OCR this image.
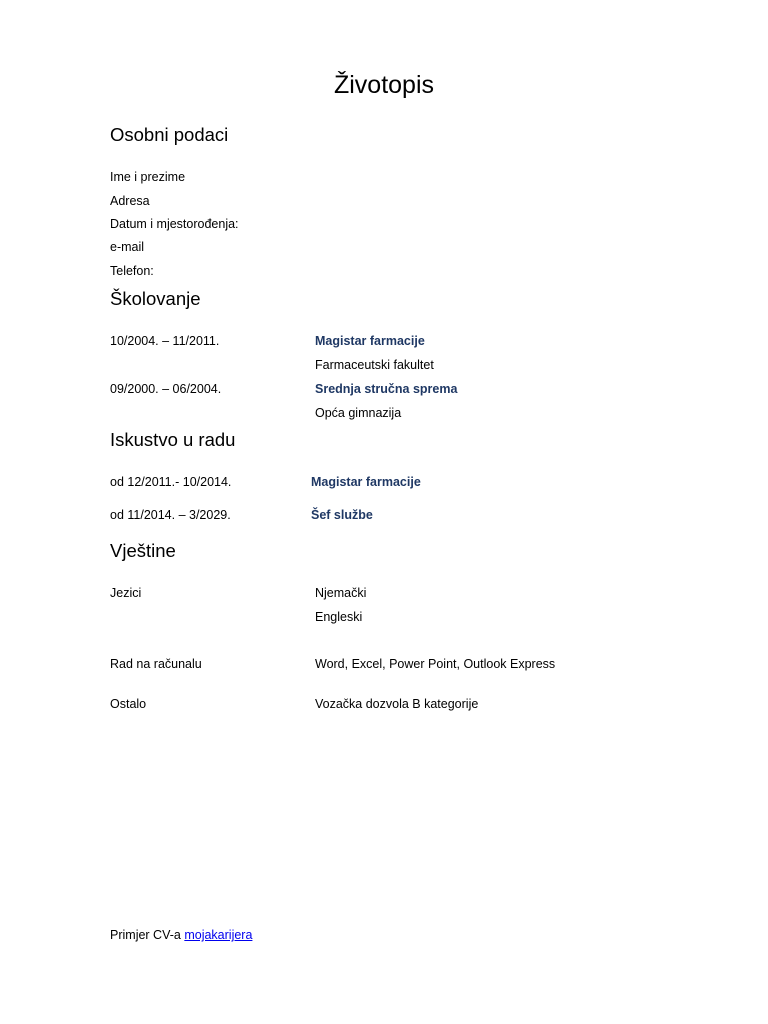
Životopis
Osobni podaci
Ime i prezime
Adresa
Datum i mjestorođenja:
e-mail
Telefon:
Školovanje
10/2004. – 11/2011.	Magistar farmacije
Farmaceutski fakultet
09/2000. – 06/2004.	Srednja stručna sprema
Opća gimnazija
Iskustvo u radu
od 12/2011.- 10/2014.	Magistar farmacije
od 11/2014. – 3/2029.	Šef službe
Vještine
Jezici	Njemački
Engleski
Rad na računalu	Word, Excel, Power Point, Outlook Express
Ostalo	Vozačka dozvola B kategorije
Primjer CV-a mojakarijera
